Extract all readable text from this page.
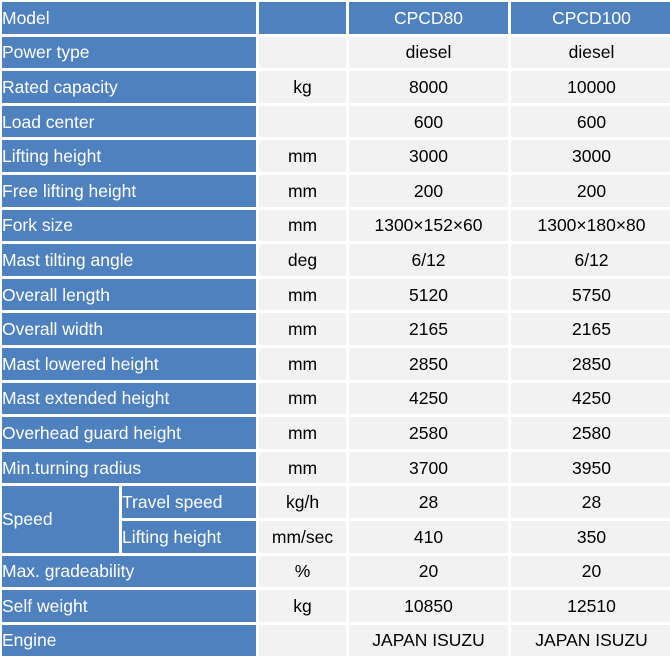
Model			CPCD80	CPCD100
Power type			diesel	diesel
Rated capacity		kg	8000	10000
Load center			600	600
Lifting height		mm	3000	3000
Free lifting height		mm	200	200
Fork size		mm	1300×152×60	1300×180×80
Mast tilting angle		deg	6/12	6/12
Overall length		mm	5120	5750
Overall width		mm	2165	2165
Mast lowered height		mm	2850	2850
Mast extended height		mm	4250	4250
Overhead guard height		mm	2580	2580
Min.turning radius		mm	3700	3950
Speed	Travel speed	kg/h	28	28
	Lifting height	mm/sec	410	350
Max. gradeability		%	20	20
Self weight		kg	10850	12510
Engine			JAPAN ISUZU	JAPAN ISUZU
